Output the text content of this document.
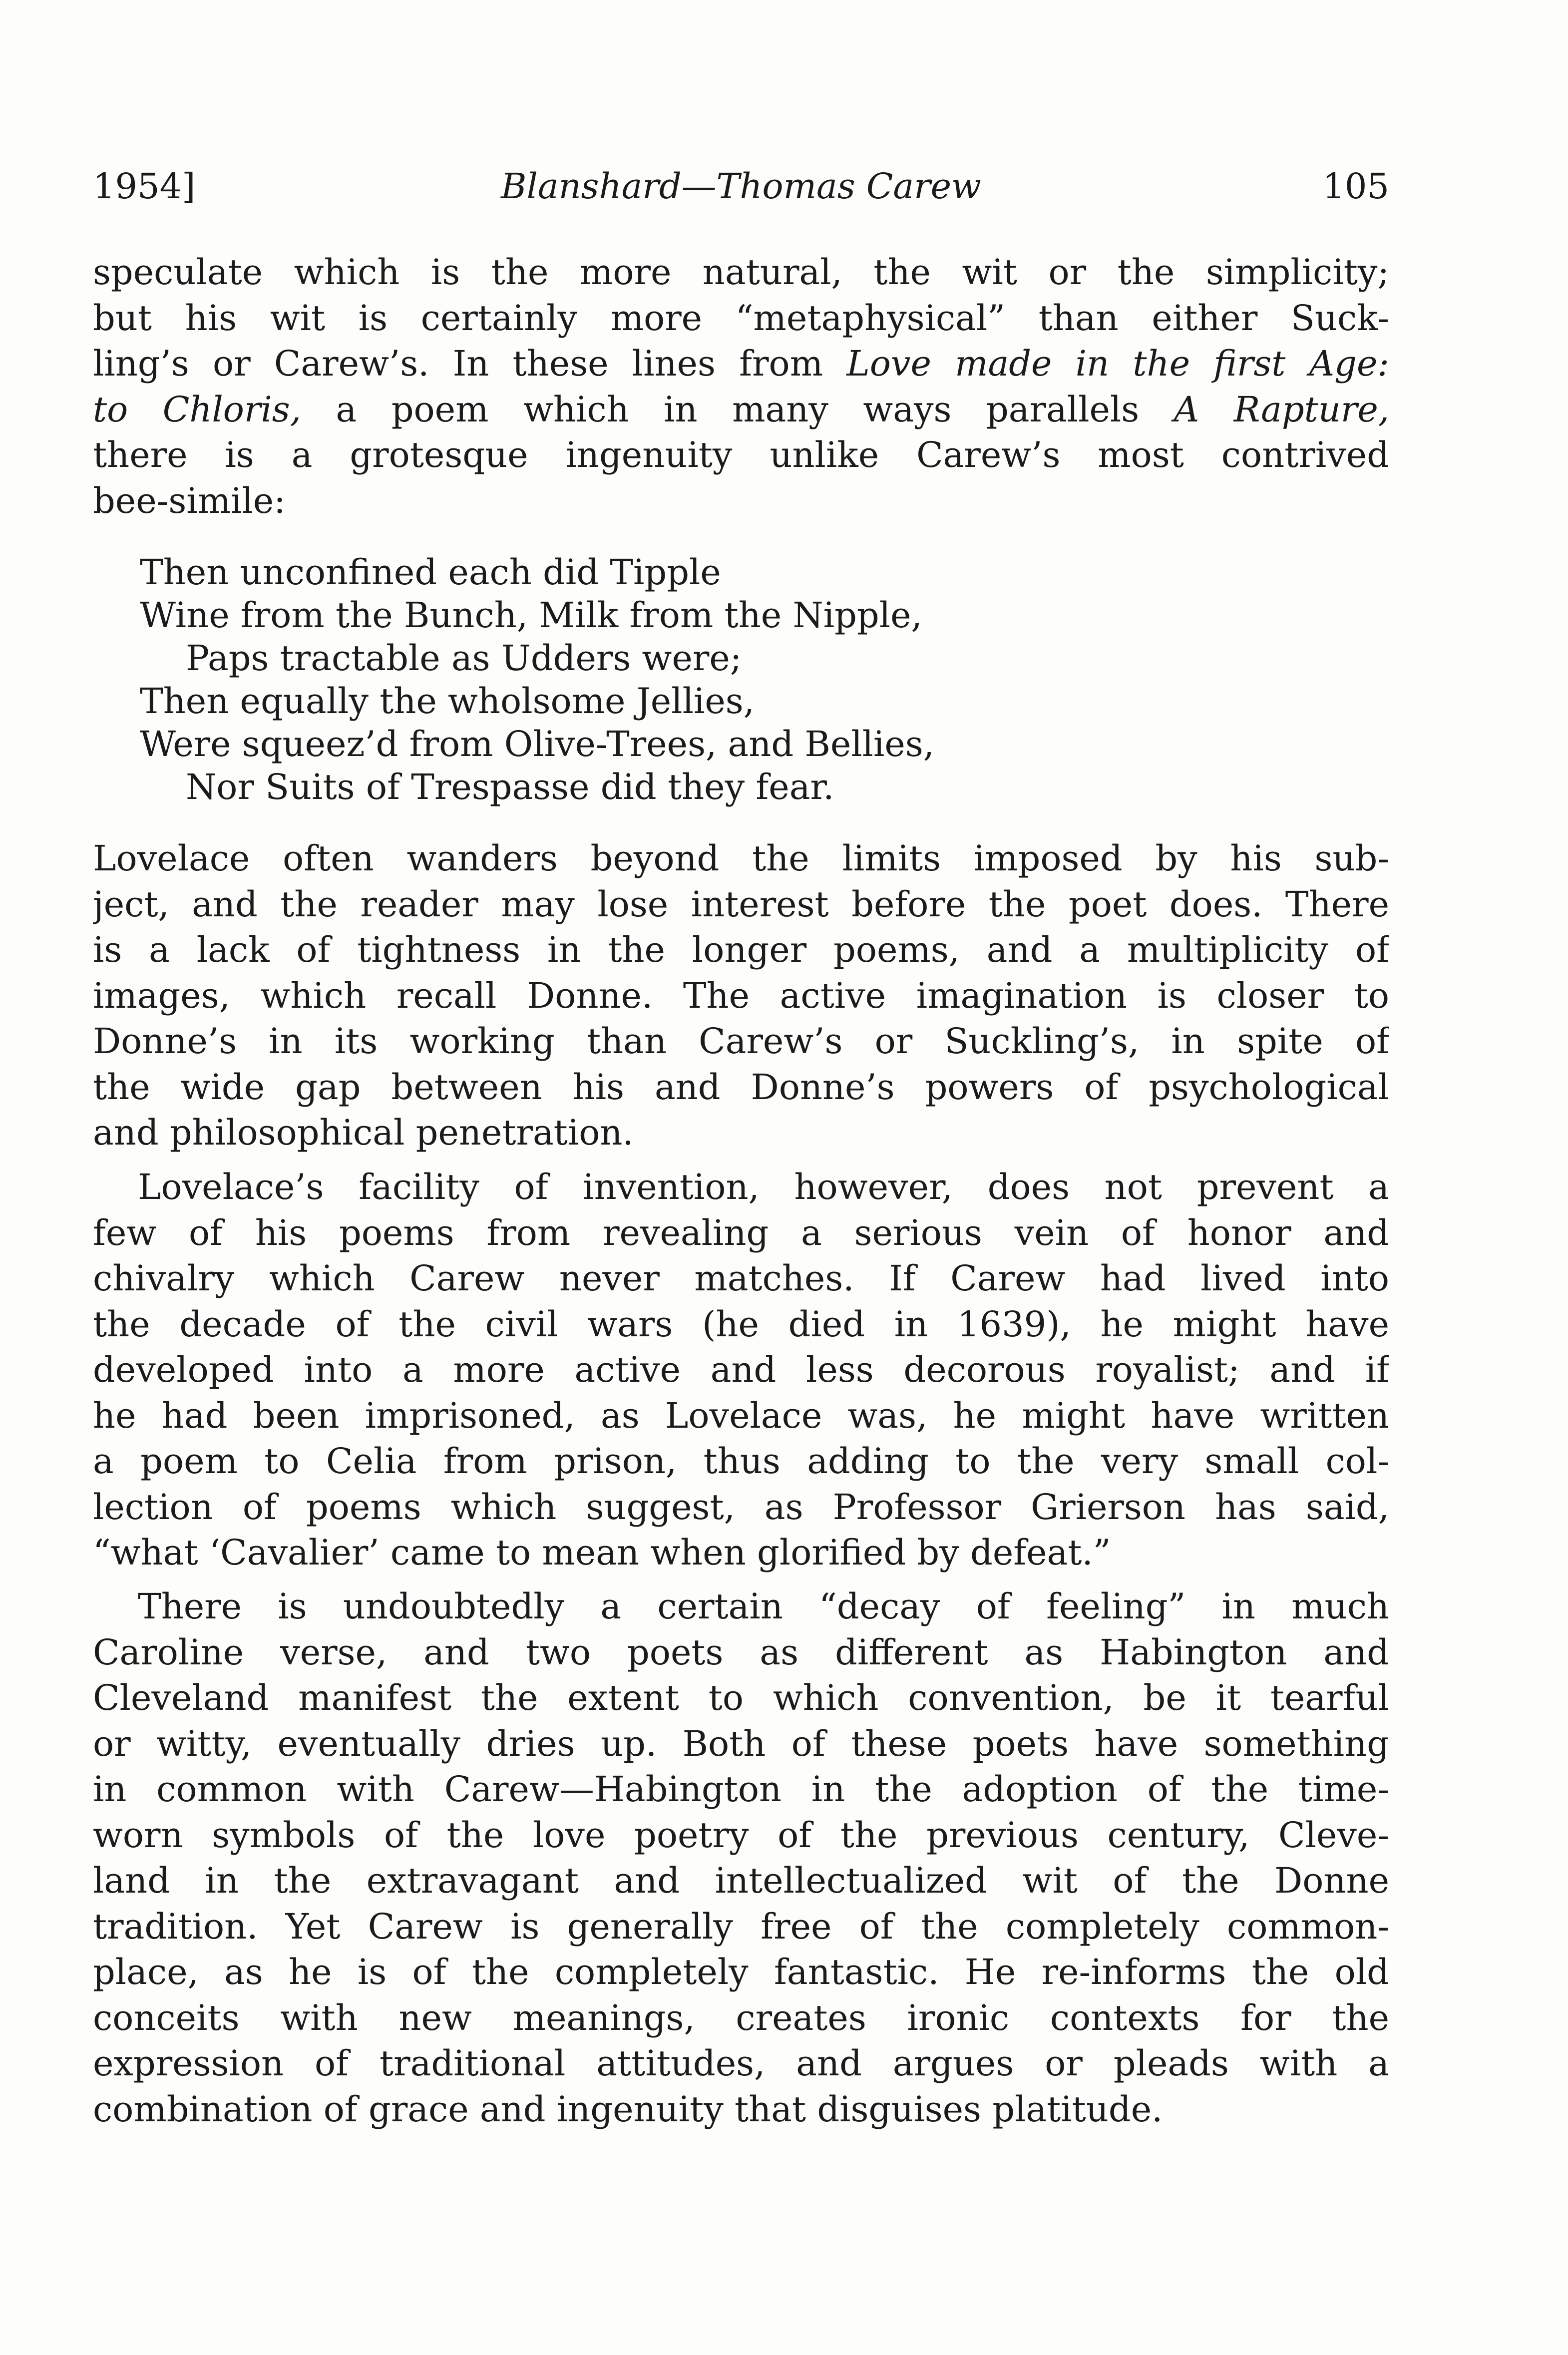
1954]	Blanshard—Thomas Carew	105
speculate which is the more natural, the wit or the simplicity;
but his wit is certainly more “metaphysical” than either Suck-
ling’s or Carew’s. In these lines from Love made in the first Age:
to Chloris, a poem which in many ways parallels A Rapture,
there is a grotesque ingenuity unlike Carew’s most contrived
bee-simile:
Then unconfined each did Tipple
Wine from the Bunch, Milk from the Nipple,
Paps tractable as Udders were;
Then equally the wholsome Jellies,
Were squeez’d from Olive-Trees, and Bellies,
Nor Suits of Trespasse did they fear.
Lovelace often wanders beyond the limits imposed by his sub-
ject, and the reader may lose interest before the poet does. There
is a lack of tightness in the longer poems, and a multiplicity of
images, which recall Donne. The active imagination is closer to
Donne’s in its working than Carew’s or Suckling’s, in spite of
the wide gap between his and Donne’s powers of psychological
and philosophical penetration.
Lovelace’s facility of invention, however, does not prevent a
few of his poems from revealing a serious vein of honor and
chivalry which Carew never matches. If Carew had lived into
the decade of the civil wars (he died in 1639), he might have
developed into a more active and less decorous royalist; and if
he had been imprisoned, as Lovelace was, he might have written
a poem to Celia from prison, thus adding to the very small col-
lection of poems which suggest, as Professor Grierson has said,
“what ‘Cavalier’ came to mean when glorified by defeat.”
There is undoubtedly a certain “decay of feeling” in much
Caroline verse, and two poets as different as Habington and
Cleveland manifest the extent to which convention, be it tearful
or witty, eventually dries up. Both of these poets have something
in common with Carew—Habington in the adoption of the time-
worn symbols of the love poetry of the previous century, Cleve-
land in the extravagant and intellectualized wit of the Donne
tradition. Yet Carew is generally free of the completely common-
place, as he is of the completely fantastic. He re-informs the old
conceits with new meanings, creates ironic contexts for the
expression of traditional attitudes, and argues or pleads with a
combination of grace and ingenuity that disguises platitude.
